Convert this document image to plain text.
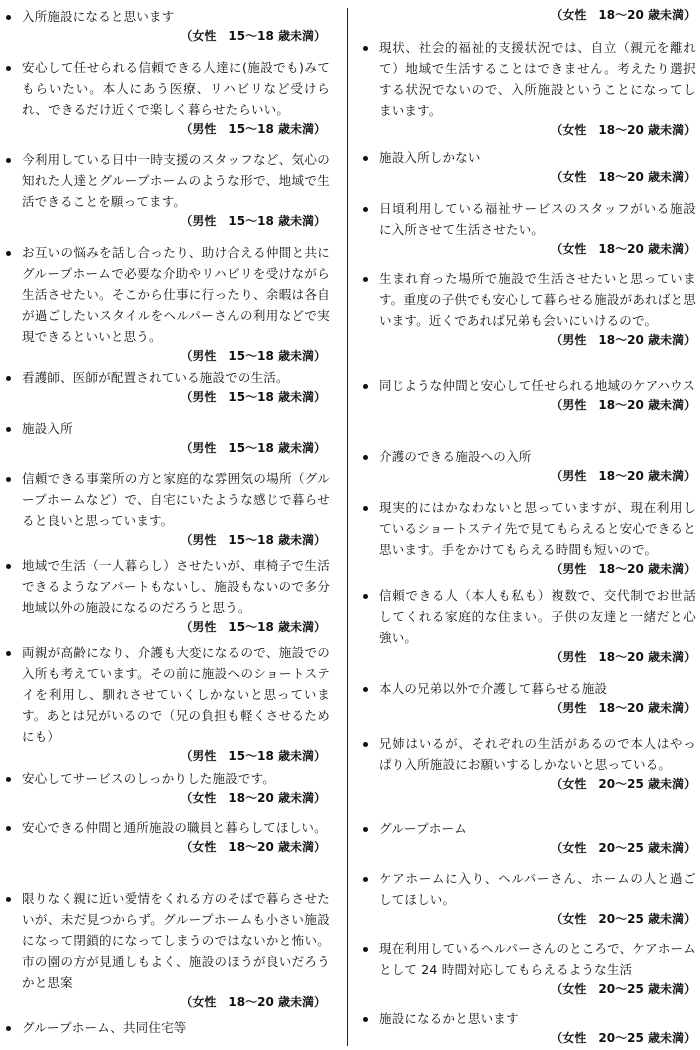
入所施設になると思います
（女性　15〜18 歳未満）
安心して任せられる信頼できる人達に(施設でも)みてもらいたい。本人にあう医療、リハビリなど受けられ、できるだけ近くで楽しく暮らせたらいい。
（男性　15〜18 歳未満）
今利用している日中一時支援のスタッフなど、気心の知れた人達とグループホームのような形で、地域で生活できることを願ってます。
（男性　15〜18 歳未満）
お互いの悩みを話し合ったり、助け合える仲間と共にグループホームで必要な介助やリハビリを受けながら生活させたい。そこから仕事に行ったり、余暇は各自が過ごしたいスタイルをヘルパーさんの利用などで実現できるといいと思う。
（男性　15〜18 歳未満）
看護師、医師が配置されている施設での生活。
（男性　15〜18 歳未満）
施設入所
（男性　15〜18 歳未満）
信頼できる事業所の方と家庭的な雰囲気の場所（グループホームなど）で、自宅にいたような感じで暮らせると良いと思っています。
（男性　15〜18 歳未満）
地域で生活（一人暮らし）させたいが、車椅子で生活できるようなアパートもないし、施設もないので多分地域以外の施設になるのだろうと思う。
（男性　15〜18 歳未満）
両親が高齢になり、介護も大変になるので、施設での入所も考えています。その前に施設へのショートステイを利用し、馴れさせていくしかないと思っています。あとは兄がいるので（兄の負担も軽くさせるためにも）
（男性　15〜18 歳未満）
安心してサービスのしっかりした施設です。
（女性　18〜20 歳未満）
安心できる仲間と通所施設の職員と暮らしてほしい。
（女性　18〜20 歳未満）
限りなく親に近い愛情をくれる方のそばで暮らさせたいが、未だ見つからず。グループホームも小さい施設になって閉鎖的になってしまうのではないかと怖い。市の園の方が見通しもよく、施設のほうが良いだろうかと思案
（女性　18〜20 歳未満）
グループホーム、共同住宅等
（女性　18〜20 歳未満）
現状、社会的福祉的支援状況では、自立（親元を離れて）地域で生活することはできません。考えたり選択する状況でないので、入所施設ということになってしまいます。
（女性　18〜20 歳未満）
施設入所しかない
（女性　18〜20 歳未満）
日頃利用している福祉サービスのスタッフがいる施設に入所させて生活させたい。
（女性　18〜20 歳未満）
生まれ育った場所で施設で生活させたいと思っています。重度の子供でも安心して暮らせる施設があればと思います。近くであれば兄弟も会いにいけるので。
（男性　18〜20 歳未満）
同じような仲間と安心して任せられる地域のケアハウス
（男性　18〜20 歳未満）
介護のできる施設への入所
（男性　18〜20 歳未満）
現実的にはかなわないと思っていますが、現在利用しているショートステイ先で見てもらえると安心できると思います。手をかけてもらえる時間も短いので。
（男性　18〜20 歳未満）
信頼できる人（本人も私も）複数で、交代制でお世話してくれる家庭的な住まい。子供の友達と一緒だと心強い。
（男性　18〜20 歳未満）
本人の兄弟以外で介護して暮らせる施設
（男性　18〜20 歳未満）
兄姉はいるが、それぞれの生活があるので本人はやっぱり入所施設にお願いするしかないと思っている。
（女性　20〜25 歳未満）
グループホーム
（女性　20〜25 歳未満）
ケアホームに入り、ヘルパーさん、ホームの人と過ごしてほしい。
（女性　20〜25 歳未満）
現在利用しているヘルパーさんのところで、ケアホームとして 24 時間対応してもらえるような生活
（女性　20〜25 歳未満）
施設になるかと思います
（女性　20〜25 歳未満）
